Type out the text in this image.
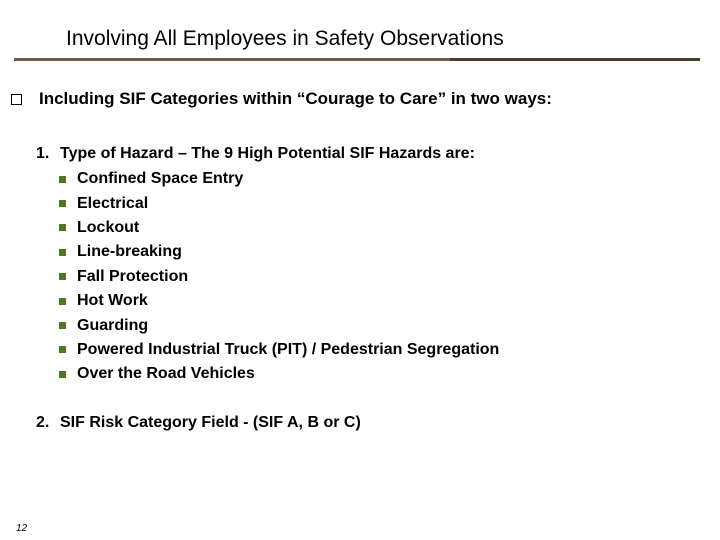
Involving All Employees in Safety Observations
Including SIF Categories within “Courage to Care” in two ways:
1. Type of Hazard – The 9 High Potential SIF Hazards are:
Confined Space Entry
Electrical
Lockout
Line-breaking
Fall Protection
Hot Work
Guarding
Powered Industrial Truck (PIT) / Pedestrian Segregation
Over the Road Vehicles
2. SIF Risk Category Field - (SIF A, B or C)
12
